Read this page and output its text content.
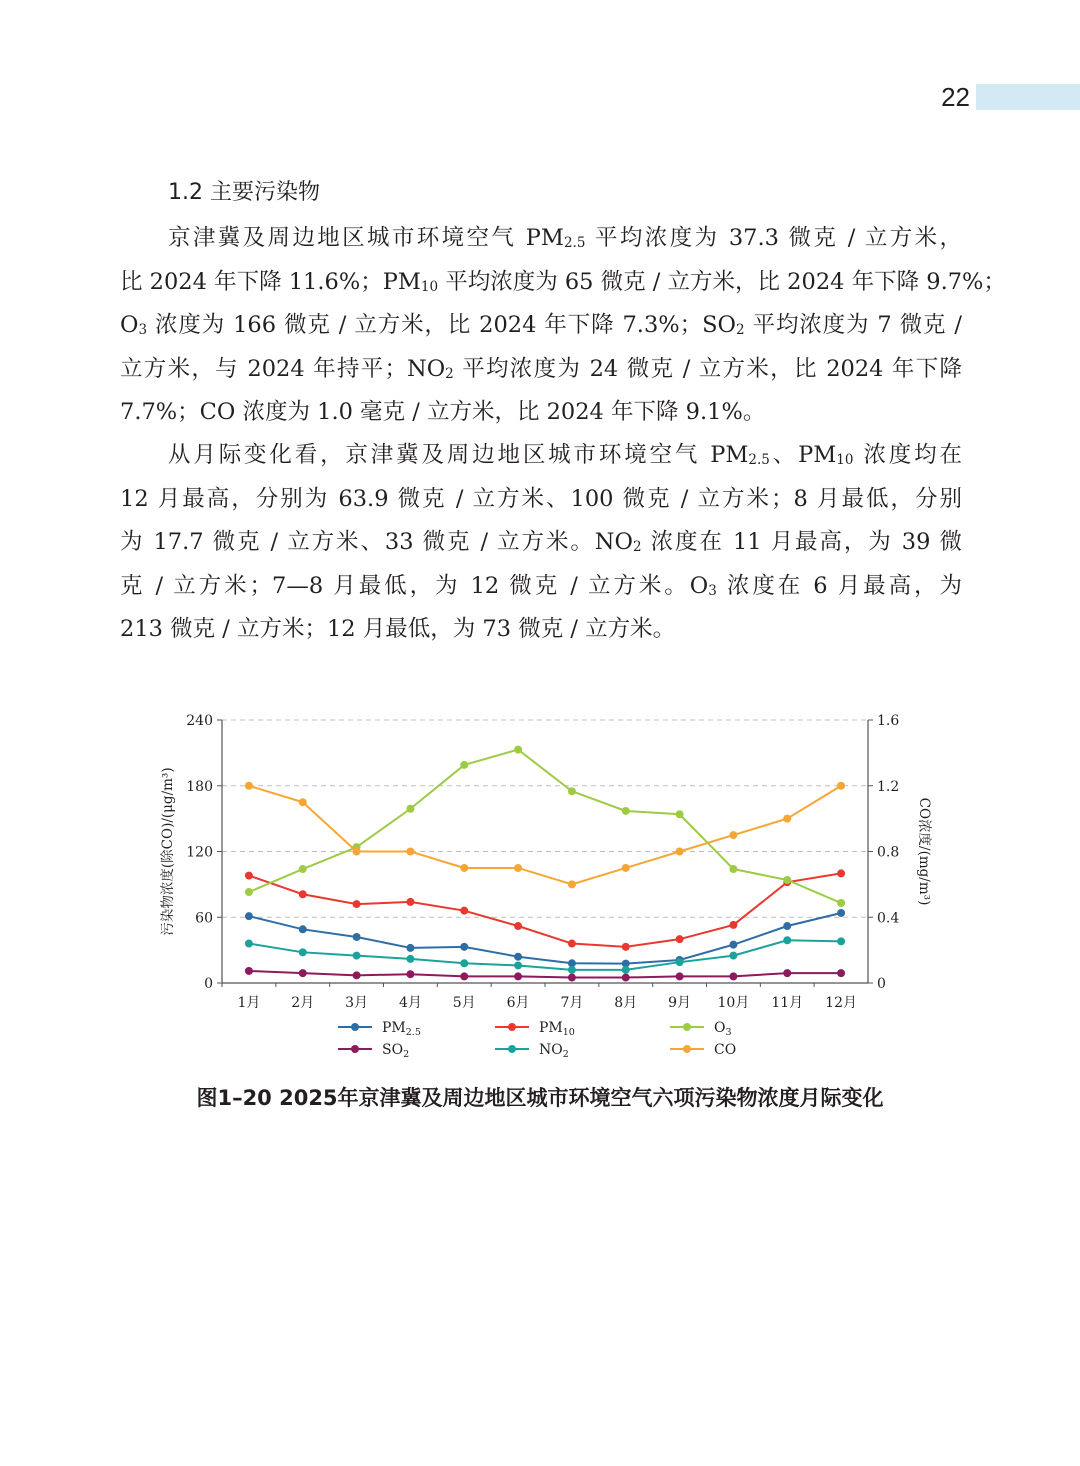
22
1.2 主要污染物
京津冀及周边地区城市环境空气 $PM_{2.5}$ 平均浓度为 37.3 微克 / 立方米，
比 2024 年下降 11.6%；$PM_{10}$ 平均浓度为 65 微克 / 立方米，比 2024 年下降 9.7%；
$O_3$ 浓度为 166 微克 / 立方米，比 2024 年下降 7.3%；$SO_2$ 平均浓度为 7 微克 /
立方米，与 2024 年持平；$NO_2$ 平均浓度为 24 微克 / 立方米，比 2024 年下降
7.7%；CO 浓度为 1.0 毫克 / 立方米，比 2024 年下降 9.1%。
从月际变化看，京津冀及周边地区城市环境空气 $PM_{2.5}$、$PM_{10}$ 浓度均在
12 月最高，分别为 63.9 微克 / 立方米、100 微克 / 立方米；8 月最低，分别
为 17.7 微克 / 立方米、33 微克 / 立方米。$NO_2$ 浓度在 11 月最高，为 39 微
克 / 立方米；7—8 月最低，为 12 微克 / 立方米。$O_3$ 浓度在 6 月最高，为
213 微克 / 立方米；12 月最低，为 73 微克 / 立方米。
0	0
60	0.4
120	0.8
180	1.2
240	1.6
1月 2月 3月 4月 5月 6月 7月 8月 9月 10月 11月 12月
污染物浓度(除CO)/(μg/m³)	CO浓度/(mg/m³)
$PM_{2.5}$	$PM_{10}$	$O_3$
$SO_2$	$NO_2$	CO
图1–20 2025年京津冀及周边地区城市环境空气六项污染物浓度月际变化
